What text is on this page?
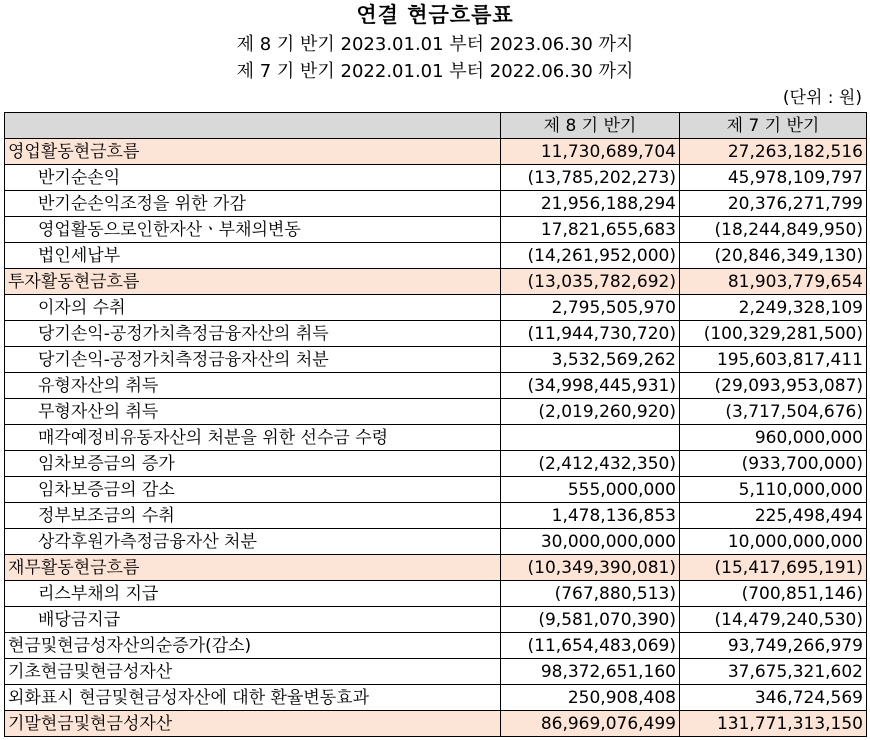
연결 현금흐름표
제 8 기 반기 2023.01.01 부터 2023.06.30 까지
제 7 기 반기 2022.01.01 부터 2022.06.30 까지
(단위 : 원)
	제 8 기 반기	제 7 기 반기
영업활동현금흐름	11,730,689,704	27,263,182,516
반기순손익	(13,785,202,273)	45,978,109,797
반기순손익조정을 위한 가감	21,956,188,294	20,376,271,799
영업활동으로인한자산ㆍ부채의변동	17,821,655,683	(18,244,849,950)
법인세납부	(14,261,952,000)	(20,846,349,130)
투자활동현금흐름	(13,035,782,692)	81,903,779,654
이자의 수취	2,795,505,970	2,249,328,109
당기손익-공정가치측정금융자산의 취득	(11,944,730,720)	(100,329,281,500)
당기손익-공정가치측정금융자산의 처분	3,532,569,262	195,603,817,411
유형자산의 취득	(34,998,445,931)	(29,093,953,087)
무형자산의 취득	(2,019,260,920)	(3,717,504,676)
매각예정비유동자산의 처분을 위한 선수금 수령		960,000,000
임차보증금의 증가	(2,412,432,350)	(933,700,000)
임차보증금의 감소	555,000,000	5,110,000,000
정부보조금의 수취	1,478,136,853	225,498,494
상각후원가측정금융자산 처분	30,000,000,000	10,000,000,000
재무활동현금흐름	(10,349,390,081)	(15,417,695,191)
리스부채의 지급	(767,880,513)	(700,851,146)
배당금지급	(9,581,070,390)	(14,479,240,530)
현금및현금성자산의순증가(감소)	(11,654,483,069)	93,749,266,979
기초현금및현금성자산	98,372,651,160	37,675,321,602
외화표시 현금및현금성자산에 대한 환율변동효과	250,908,408	346,724,569
기말현금및현금성자산	86,969,076,499	131,771,313,150
